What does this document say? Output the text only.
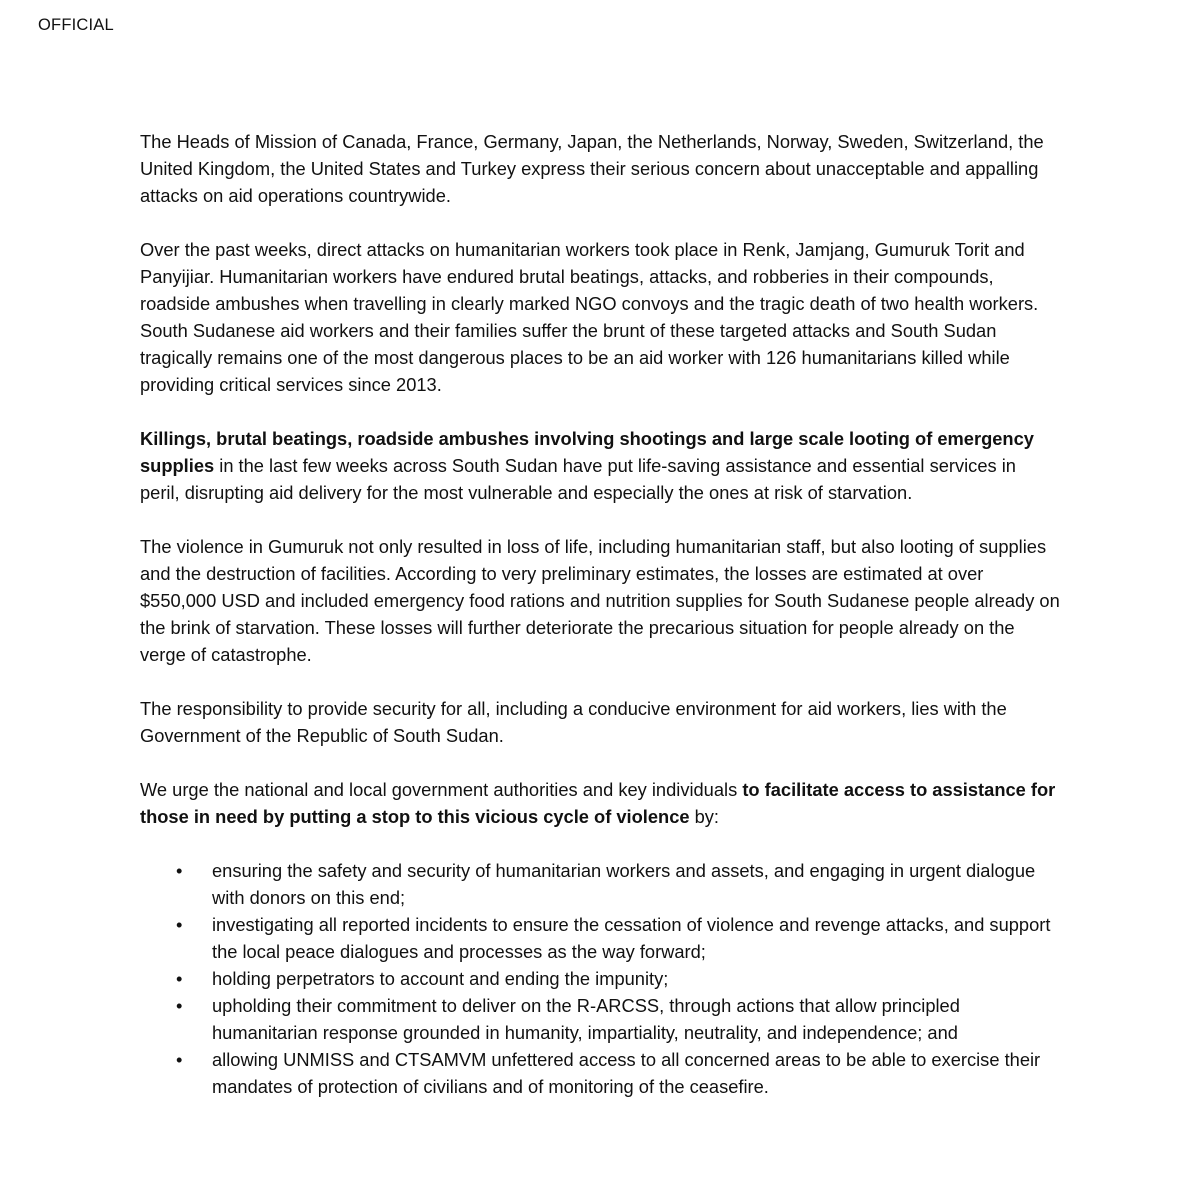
OFFICIAL

The Heads of Mission of Canada, France, Germany, Japan, the Netherlands, Norway, Sweden, Switzerland, the United Kingdom, the United States and Turkey express their serious concern about unacceptable and appalling attacks on aid operations countrywide.

Over the past weeks, direct attacks on humanitarian workers took place in Renk, Jamjang, Gumuruk Torit and Panyijiar. Humanitarian workers have endured brutal beatings, attacks, and robberies in their compounds, roadside ambushes when travelling in clearly marked NGO convoys and the tragic death of two health workers. South Sudanese aid workers and their families suffer the brunt of these targeted attacks and South Sudan tragically remains one of the most dangerous places to be an aid worker with 126 humanitarians killed while providing critical services since 2013.

Killings, brutal beatings, roadside ambushes involving shootings and large scale looting of emergency supplies in the last few weeks across South Sudan have put life-saving assistance and essential services in peril, disrupting aid delivery for the most vulnerable and especially the ones at risk of starvation.

The violence in Gumuruk not only resulted in loss of life, including humanitarian staff, but also looting of supplies and the destruction of facilities. According to very preliminary estimates, the losses are estimated at over $550,000 USD and included emergency food rations and nutrition supplies for South Sudanese people already on the brink of starvation. These losses will further deteriorate the precarious situation for people already on the verge of catastrophe.

The responsibility to provide security for all, including a conducive environment for aid workers, lies with the Government of the Republic of South Sudan.

We urge the national and local government authorities and key individuals to facilitate access to assistance for those in need by putting a stop to this vicious cycle of violence by:

• ensuring the safety and security of humanitarian workers and assets, and engaging in urgent dialogue with donors on this end;
• investigating all reported incidents to ensure the cessation of violence and revenge attacks, and support the local peace dialogues and processes as the way forward;
• holding perpetrators to account and ending the impunity;
• upholding their commitment to deliver on the R-ARCSS, through actions that allow principled humanitarian response grounded in humanity, impartiality, neutrality, and independence; and
• allowing UNMISS and CTSAMVM unfettered access to all concerned areas to be able to exercise their mandates of protection of civilians and of monitoring of the ceasefire.
